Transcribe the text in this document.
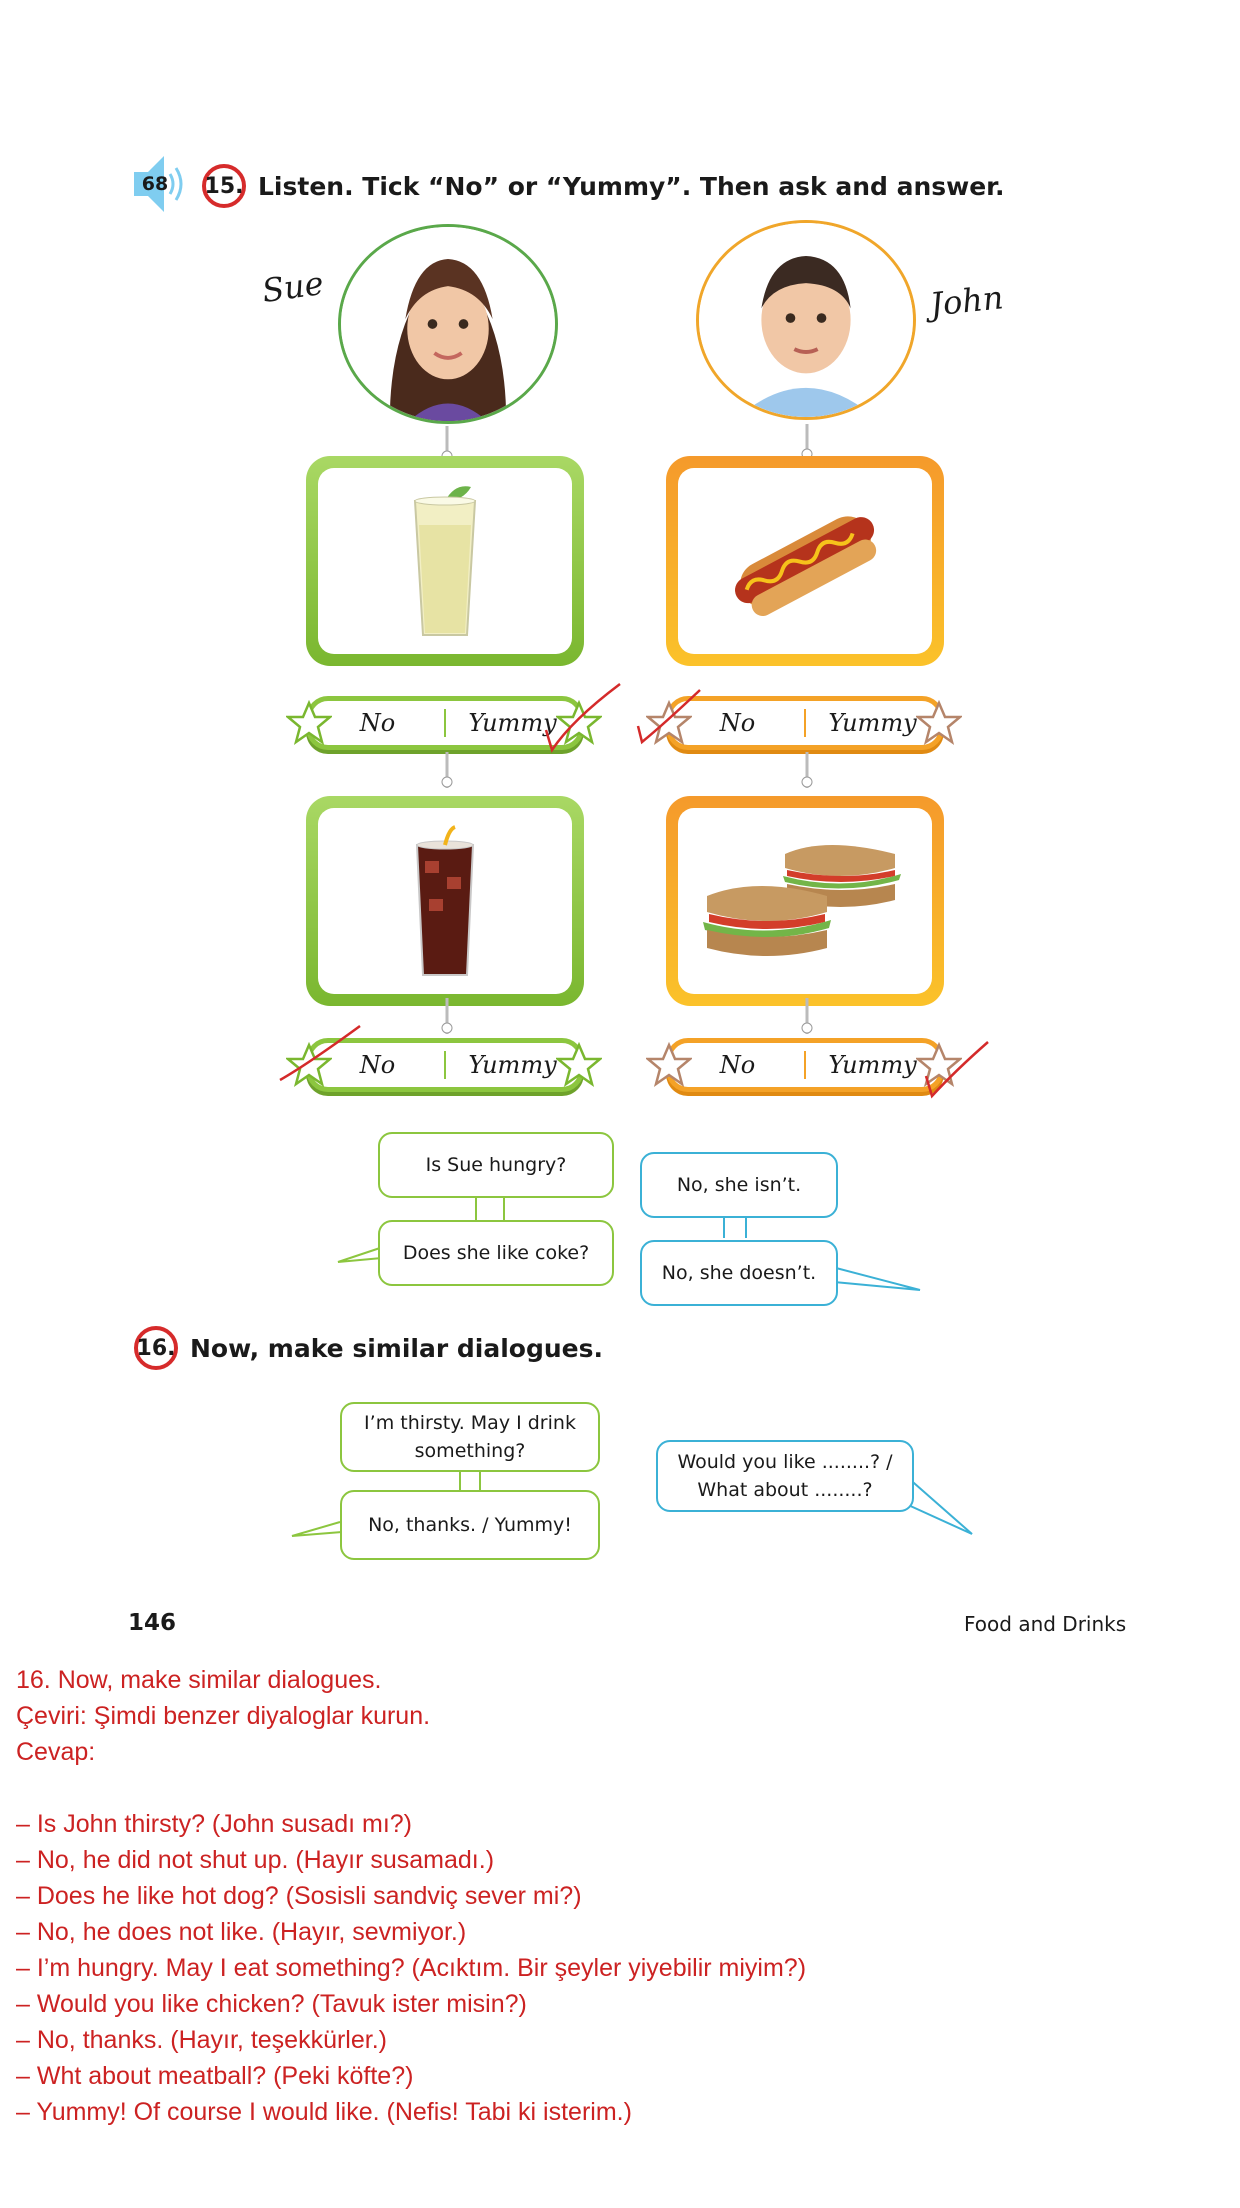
68 15. Listen. Tick “No” or “Yummy”. Then ask and answer.
Sue	John
No	Yummy
No	Yummy
No	Yummy
No	Yummy
Is Sue hungry?
Does she like coke?
No, she isn’t.
No, she doesn’t.
16. Now, make similar dialogues.
I’m thirsty. May I drink something?
No, thanks. / Yummy!
Would you like ........? / What about ........?
146	Food and Drinks

16. Now, make similar dialogues.

Çeviri: Şimdi benzer diyaloglar kurun.

Cevap:

– Is John thirsty? (John susadı mı?)

– No, he did not shut up. (Hayır susamadı.)

– Does he like hot dog? (Sosisli sandviç sever mi?)

– No, he does not like. (Hayır, sevmiyor.)

– I’m hungry. May I eat something? (Acıktım. Bir şeyler yiyebilir miyim?)

– Would you like chicken? (Tavuk ister misin?)

– No, thanks. (Hayır, teşekkürler.)

– Wht about meatball? (Peki köfte?)

– Yummy! Of course I would like. (Nefis! Tabi ki isterim.)
